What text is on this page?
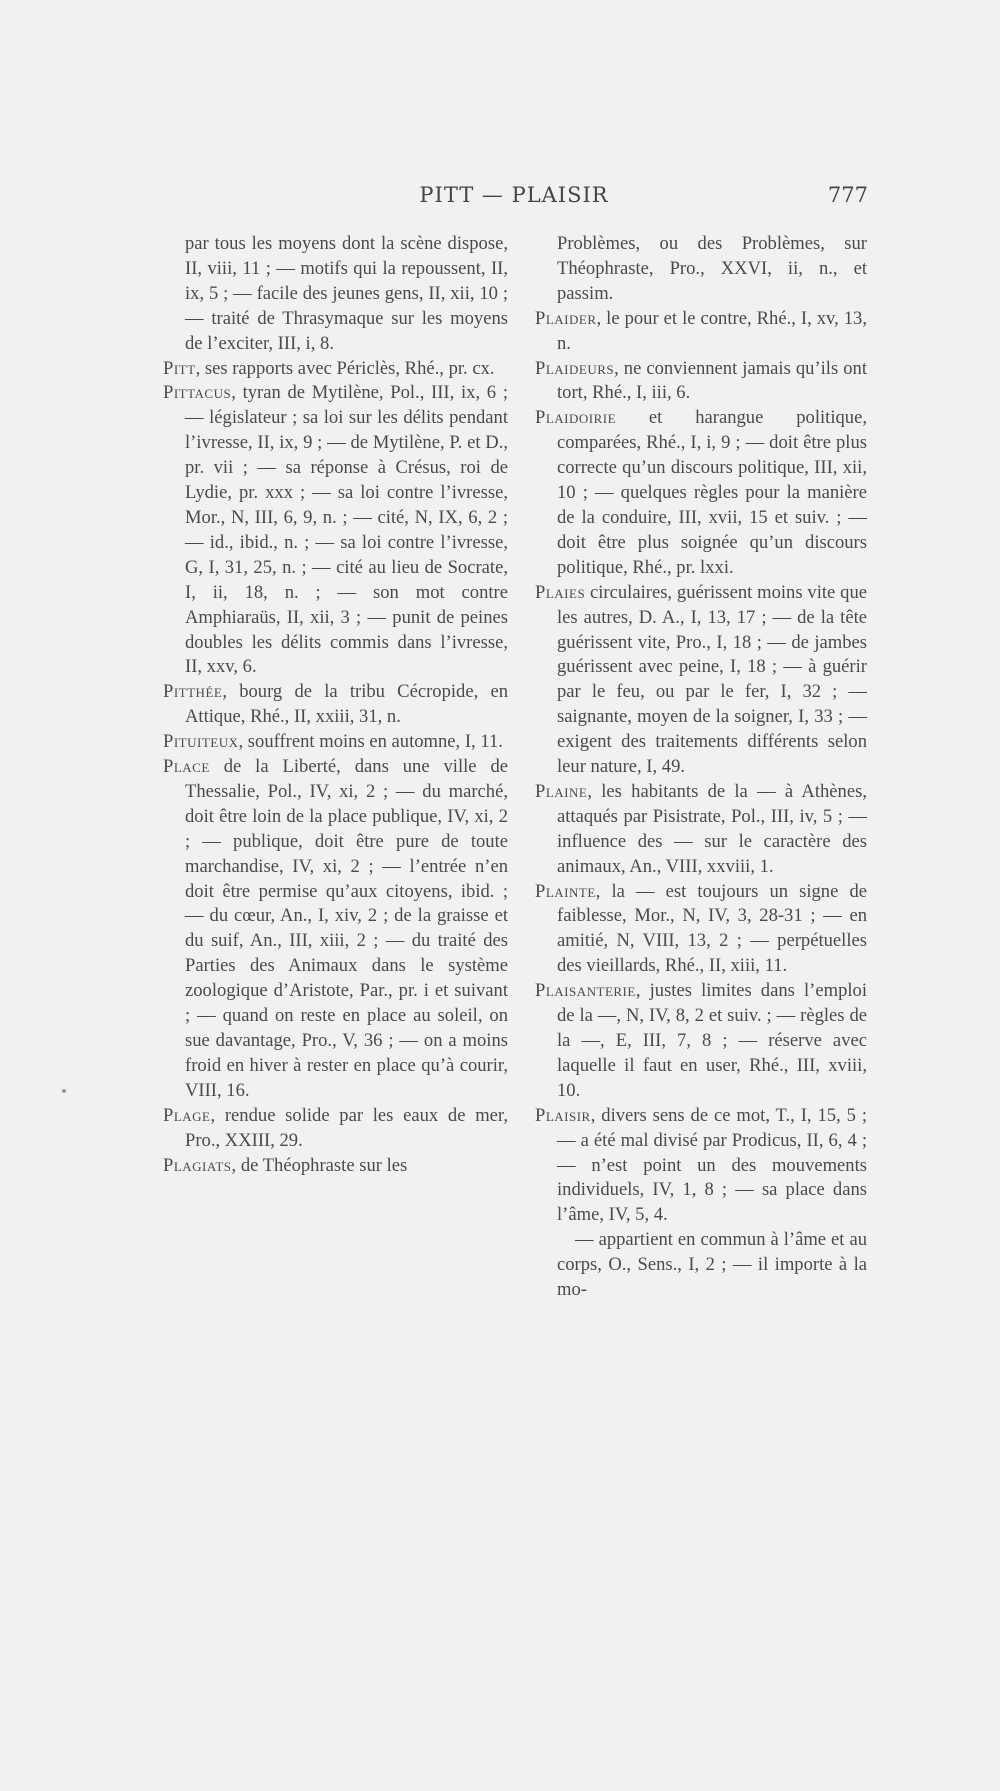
PITT — PLAISIR	777

par tous les moyens dont la scène dispose, II, viii, 11 ; — motifs qui la repoussent, II, ix, 5 ; — facile des jeunes gens, II, xii, 10 ; — traité de Thrasymaque sur les moyens de l’exciter, III, i, 8.

Pitt, ses rapports avec Périclès, Rhé., pr. cx.

Pittacus, tyran de Mytilène, Pol., III, ix, 6 ; — législateur ; sa loi sur les délits pendant l’ivresse, II, ix, 9 ; — de Mytilène, P. et D., pr. vii ; — sa réponse à Crésus, roi de Lydie, pr. xxx ; — sa loi contre l’ivresse, Mor., N, III, 6, 9, n. ; — cité, N, IX, 6, 2 ; — id., ibid., n. ; — sa loi contre l’ivresse, G, I, 31, 25, n. ; — cité au lieu de Socrate, I, ii, 18, n. ; — son mot contre Amphiaraüs, II, xii, 3 ; — punit de peines doubles les délits commis dans l’ivresse, II, xxv, 6.

Pitthée, bourg de la tribu Cécropide, en Attique, Rhé., II, xxiii, 31, n.

Pituiteux, souffrent moins en automne, I, 11.

Place de la Liberté, dans une ville de Thessalie, Pol., IV, xi, 2 ; — du marché, doit être loin de la place publique, IV, xi, 2 ; — publique, doit être pure de toute marchandise, IV, xi, 2 ; — l’entrée n’en doit être permise qu’aux citoyens, ibid. ; — du cœur, An., I, xiv, 2 ; de la graisse et du suif, An., III, xiii, 2 ; — du traité des Parties des Animaux dans le système zoologique d’Aristote, Par., pr. i et suivant ; — quand on reste en place au soleil, on sue davantage, Pro., V, 36 ; — on a moins froid en hiver à rester en place qu’à courir, VIII, 16.

Plage, rendue solide par les eaux de mer, Pro., XXIII, 29.

Plagiats, de Théophraste sur les

Problèmes, ou des Problèmes, sur Théophraste, Pro., XXVI, ii, n., et passim.

Plaider, le pour et le contre, Rhé., I, xv, 13, n.

Plaideurs, ne conviennent jamais qu’ils ont tort, Rhé., I, iii, 6.

Plaidoirie et harangue politique, comparées, Rhé., I, i, 9 ; — doit être plus correcte qu’un discours politique, III, xii, 10 ; — quelques règles pour la manière de la conduire, III, xvii, 15 et suiv. ; — doit être plus soignée qu’un discours politique, Rhé., pr. lxxi.

Plaies circulaires, guérissent moins vite que les autres, D. A., I, 13, 17 ; — de la tête guérissent vite, Pro., I, 18 ; — de jambes guérissent avec peine, I, 18 ; — à guérir par le feu, ou par le fer, I, 32 ; — saignante, moyen de la soigner, I, 33 ; — exigent des traitements différents selon leur nature, I, 49.

Plaine, les habitants de la — à Athènes, attaqués par Pisistrate, Pol., III, iv, 5 ; — influence des — sur le caractère des animaux, An., VIII, xxviii, 1.

Plainte, la — est toujours un signe de faiblesse, Mor., N, IV, 3, 28-31 ; — en amitié, N, VIII, 13, 2 ; — perpétuelles des vieillards, Rhé., II, xiii, 11.

Plaisanterie, justes limites dans l’emploi de la —, N, IV, 8, 2 et suiv. ; — règles de la —, E, III, 7, 8 ; — réserve avec laquelle il faut en user, Rhé., III, xviii, 10.

Plaisir, divers sens de ce mot, T., I, 15, 5 ; — a été mal divisé par Prodicus, II, 6, 4 ; — n’est point un des mouvements individuels, IV, 1, 8 ; — sa place dans l’âme, IV, 5, 4.

— appartient en commun à l’âme et au corps, O., Sens., I, 2 ; — il importe à la mo-
